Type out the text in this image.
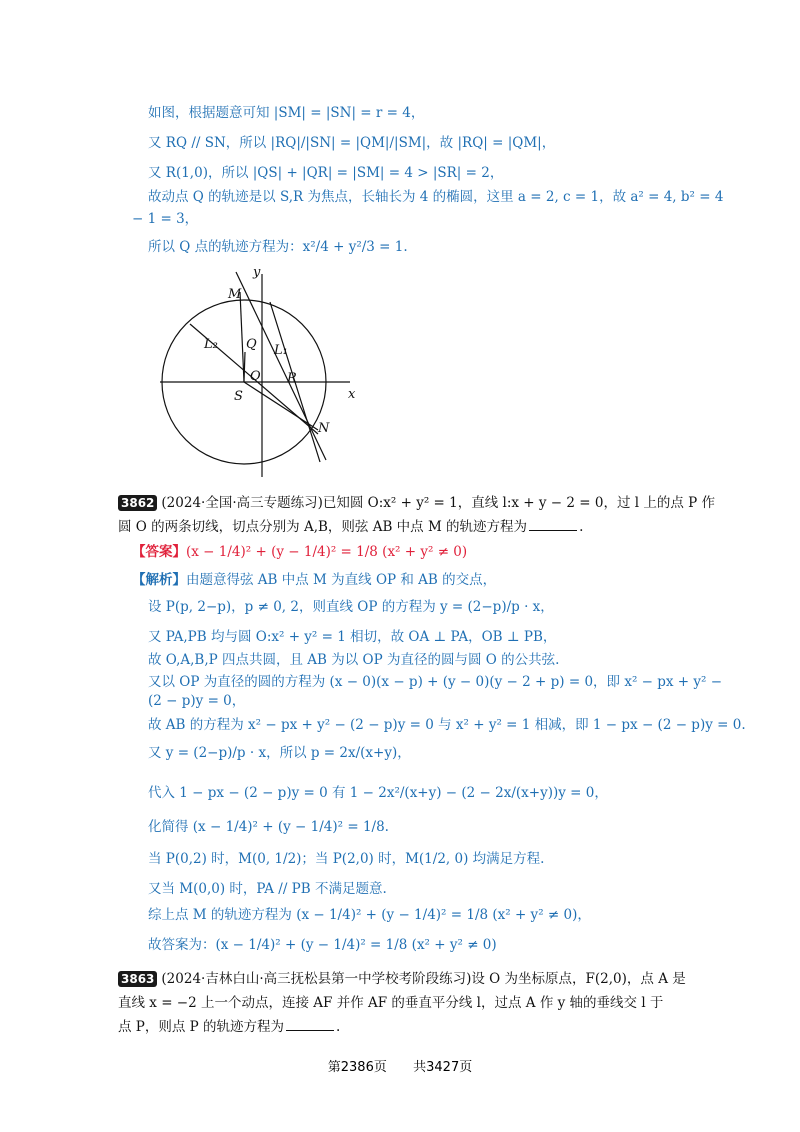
如图，根据题意可知 |SM| = |SN| = r = 4，
又 RQ // SN，所以 |RQ|/|SN| = |QM|/|SM|，故 |RQ| = |QM|，
又 R(1,0)，所以 |QS| + |QR| = |SM| = 4 > |SR| = 2，
故动点 Q 的轨迹是以 S,R 为焦点，长轴长为 4 的椭圆，这里 a = 2, c = 1，故 a² = 4, b² = 4
− 1 = 3，
所以 Q 点的轨迹方程为：x²/4 + y²/3 = 1.
y
x
M
Q
L₂	L₁
O R
S
N
3862 (2024·全国·高三专题练习)已知圆 O:x² + y² = 1，直线 l:x + y − 2 = 0，过 l 上的点 P 作
圆 O 的两条切线，切点分别为 A,B，则弦 AB 中点 M 的轨迹方程为	.
【答案】(x − 1/4)² + (y − 1/4)² = 1/8 (x² + y² ≠ 0)
【解析】由题意得弦 AB 中点 M 为直线 OP 和 AB 的交点，
设 P(p, 2−p)，p ≠ 0, 2，则直线 OP 的方程为 y = (2−p)/p · x，
又 PA,PB 均与圆 O:x² + y² = 1 相切，故 OA ⊥ PA，OB ⊥ PB，
故 O,A,B,P 四点共圆，且 AB 为以 OP 为直径的圆与圆 O 的公共弦.
又以 OP 为直径的圆的方程为 (x − 0)(x − p) + (y − 0)(y − 2 + p) = 0，即 x² − px + y² −
(2 − p)y = 0，
故 AB 的方程为 x² − px + y² − (2 − p)y = 0 与 x² + y² = 1 相减，即 1 − px − (2 − p)y = 0.
又 y = (2−p)/p · x，所以 p = 2x/(x+y)，
代入 1 − px − (2 − p)y = 0 有 1 − 2x²/(x+y) − (2 − 2x/(x+y))y = 0，
化简得 (x − 1/4)² + (y − 1/4)² = 1/8.
当 P(0,2) 时，M(0, 1/2)；当 P(2,0) 时，M(1/2, 0) 均满足方程.
又当 M(0,0) 时，PA // PB 不满足题意.
综上点 M 的轨迹方程为 (x − 1/4)² + (y − 1/4)² = 1/8 (x² + y² ≠ 0)，
故答案为：(x − 1/4)² + (y − 1/4)² = 1/8 (x² + y² ≠ 0)
3863 (2024·吉林白山·高三抚松县第一中学校考阶段练习)设 O 为坐标原点，F(2,0)，点 A 是
直线 x = −2 上一个动点，连接 AF 并作 AF 的垂直平分线 l，过点 A 作 y 轴的垂线交 l 于
点 P，则点 P 的轨迹方程为	.
第2386页 共3427页
